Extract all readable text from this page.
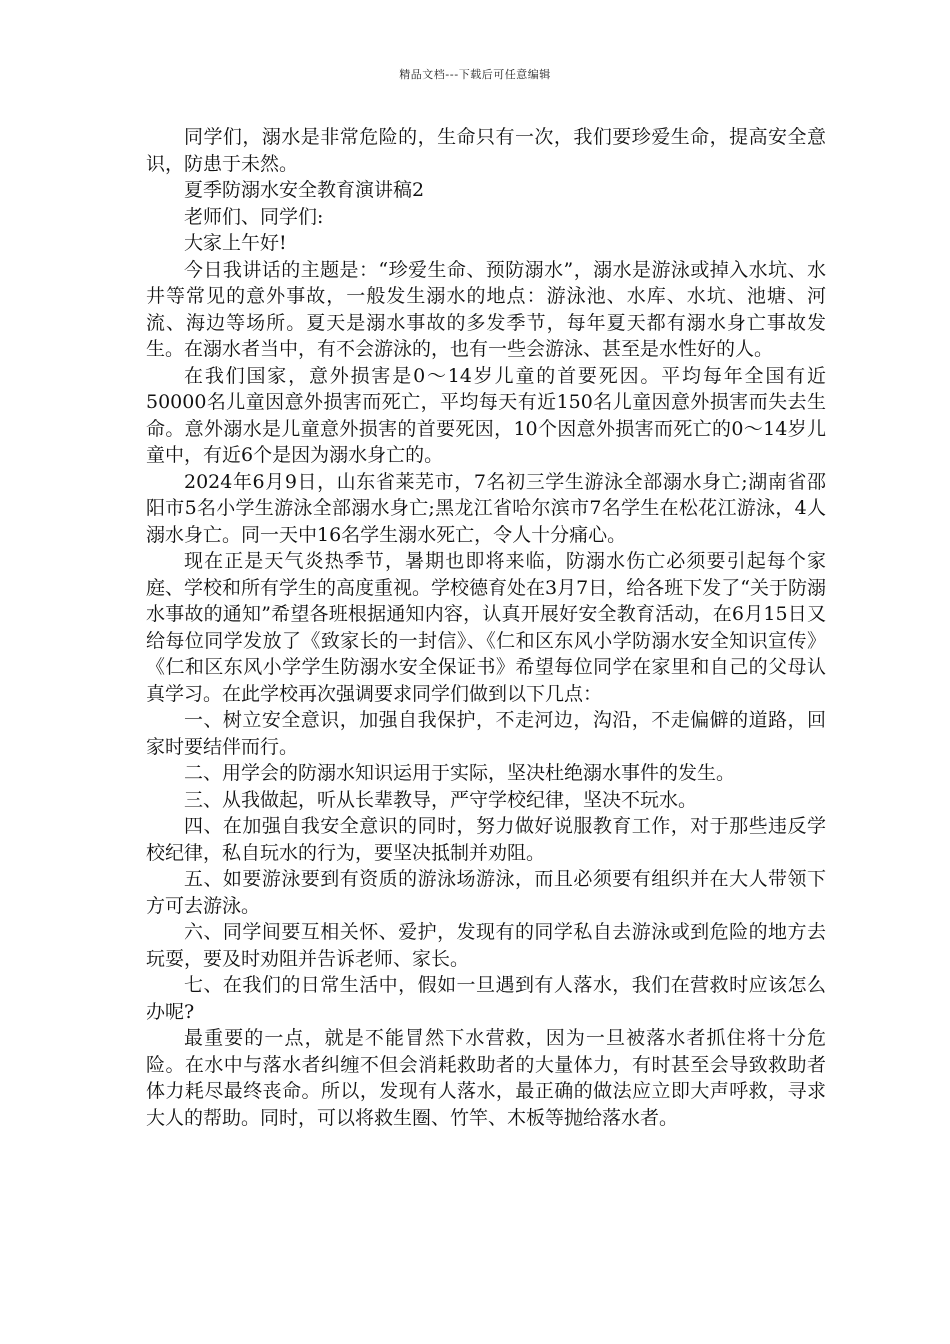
精品文档---下载后可任意编辑

同学们，溺水是非常危险的，生命只有一次，我们要珍爱生命，提高安全意识，防患于未然。

夏季防溺水安全教育演讲稿2

老师们、同学们:

大家上午好!

今日我讲话的主题是：“珍爱生命、预防溺水”，溺水是游泳或掉入水坑、水井等常见的意外事故，一般发生溺水的地点：游泳池、水库、水坑、池塘、河流、海边等场所。夏天是溺水事故的多发季节，每年夏天都有溺水身亡事故发生。在溺水者当中，有不会游泳的，也有一些会游泳、甚至是水性好的人。

在我们国家，意外损害是0～14岁儿童的首要死因。平均每年全国有近50000名儿童因意外损害而死亡，平均每天有近150名儿童因意外损害而失去生命。意外溺水是儿童意外损害的首要死因，10个因意外损害而死亡的0～14岁儿童中，有近6个是因为溺水身亡的。

2024年6月9日，山东省莱芜市，7名初三学生游泳全部溺水身亡;湖南省邵阳市5名小学生游泳全部溺水身亡;黑龙江省哈尔滨市7名学生在松花江游泳，4人溺水身亡。同一天中16名学生溺水死亡，令人十分痛心。

现在正是天气炎热季节，暑期也即将来临，防溺水伤亡必须要引起每个家庭、学校和所有学生的高度重视。学校德育处在3月7日，给各班下发了“关于防溺水事故的通知”希望各班根据通知内容，认真开展好安全教育活动，在6月15日又给每位同学发放了《致家长的一封信》、《仁和区东风小学防溺水安全知识宣传》《仁和区东风小学学生防溺水安全保证书》希望每位同学在家里和自己的父母认真学习。在此学校再次强调要求同学们做到以下几点：

一、树立安全意识，加强自我保护，不走河边，沟沿，不走偏僻的道路，回家时要结伴而行。

二、用学会的防溺水知识运用于实际，坚决杜绝溺水事件的发生。

三、从我做起，听从长辈教导，严守学校纪律，坚决不玩水。

四、在加强自我安全意识的同时，努力做好说服教育工作，对于那些违反学校纪律，私自玩水的行为，要坚决抵制并劝阻。

五、如要游泳要到有资质的游泳场游泳，而且必须要有组织并在大人带领下方可去游泳。

六、同学间要互相关怀、爱护，发现有的同学私自去游泳或到危险的地方去玩耍，要及时劝阻并告诉老师、家长。

七、在我们的日常生活中，假如一旦遇到有人落水，我们在营救时应该怎么办呢?

最重要的一点，就是不能冒然下水营救，因为一旦被落水者抓住将十分危险。在水中与落水者纠缠不但会消耗救助者的大量体力，有时甚至会导致救助者体力耗尽最终丧命。所以，发现有人落水，最正确的做法应立即大声呼救，寻求大人的帮助。同时，可以将救生圈、竹竿、木板等抛给落水者。
